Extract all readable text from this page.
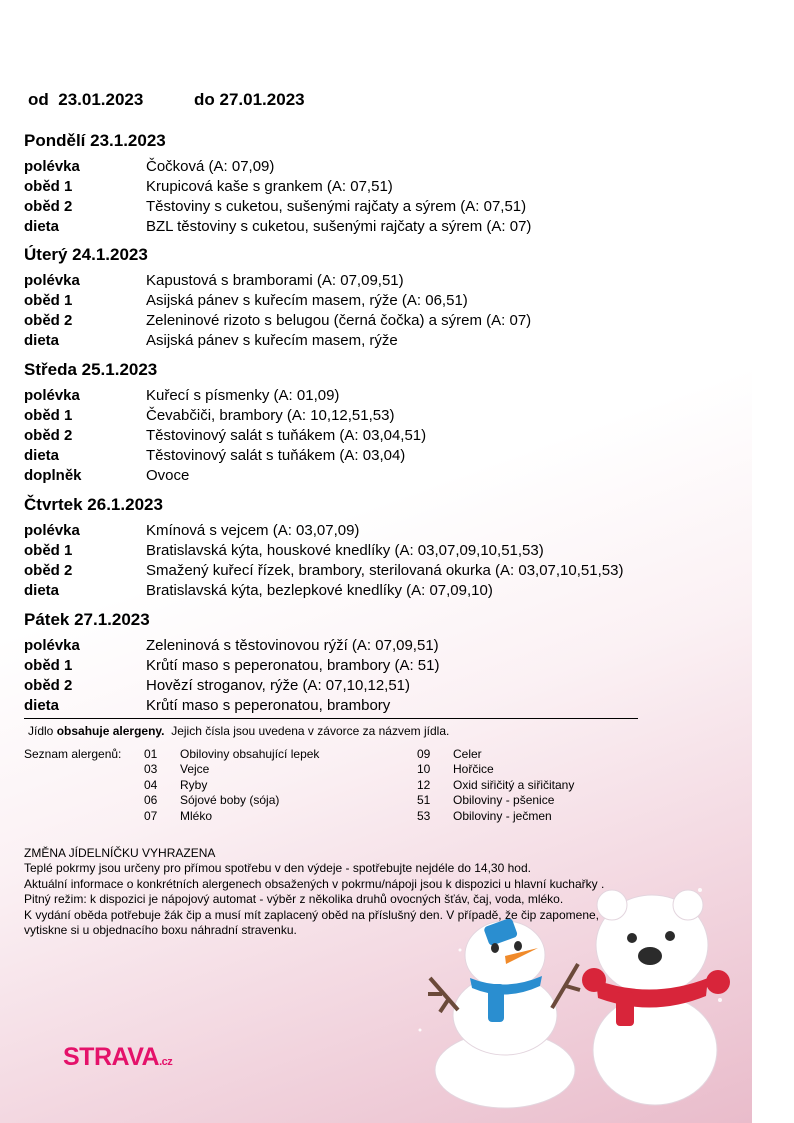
od 23.01.2023	do 27.01.2023
Pondělí 23.1.2023
polévka	Čočková (A: 07,09)
oběd 1	Krupicová kaše s grankem (A: 07,51)
oběd 2	Těstoviny s cuketou, sušenými rajčaty a sýrem (A: 07,51)
dieta	BZL těstoviny s cuketou, sušenými rajčaty a sýrem (A: 07)
Úterý 24.1.2023
polévka	Kapustová s bramborami (A: 07,09,51)
oběd 1	Asijská pánev s kuřecím masem, rýže (A: 06,51)
oběd 2	Zeleninové rizoto s belugou (černá čočka) a sýrem (A: 07)
dieta	Asijská pánev s kuřecím masem, rýže
Středa 25.1.2023
polévka	Kuřecí s písmenky (A: 01,09)
oběd 1	Čevabčiči, brambory (A: 10,12,51,53)
oběd 2	Těstovinový salát s tuňákem (A: 03,04,51)
dieta	Těstovinový salát s tuňákem (A: 03,04)
doplněk	Ovoce
Čtvrtek 26.1.2023
polévka	Kmínová s vejcem (A: 03,07,09)
oběd 1	Bratislavská kýta, houskové knedlíky (A: 03,07,09,10,51,53)
oběd 2	Smažený kuřecí řízek, brambory, sterilovaná okurka (A: 03,07,10,51,53)
dieta	Bratislavská kýta, bezlepkové knedlíky (A: 07,09,10)
Pátek 27.1.2023
polévka	Zeleninová s těstovinovou rýží (A: 07,09,51)
oběd 1	Krůtí maso s peperonatou, brambory (A: 51)
oběd 2	Hovězí stroganov, rýže (A: 07,10,12,51)
dieta	Krůtí maso s peperonatou, brambory
Jídlo obsahuje alergeny. Jejich čísla jsou uvedena v závorce za názvem jídla.
Seznam alergenů: 01 Obiloviny obsahující lepek
03 Vejce
04 Ryby
06 Sójové boby (sója)
07 Mléko
09 Celer
10 Hořčice
12 Oxid siřičitý a siřičitany
51 Obiloviny - pšenice
53 Obiloviny - ječmen
ZMĚNA JÍDELNÍČKU VYHRAZENA
Teplé pokrmy jsou určeny pro přímou spotřebu v den výdeje - spotřebujte nejdéle do 14,30 hod.
Aktuální informace o konkrétních alergenech obsažených v pokrmu/nápoji jsou k dispozici u hlavní kuchařky .
Pitný režim: k dispozici je nápojový automat - výběr z několika druhů ovocných šťáv, čaj, voda, mléko.
K vydání oběda potřebuje žák čip a musí mít zaplacený oběd na příslušný den. V případě, že čip zapomene, vytiskne si u objednacího boxu náhradní stravenku.
STRAVA.cz
